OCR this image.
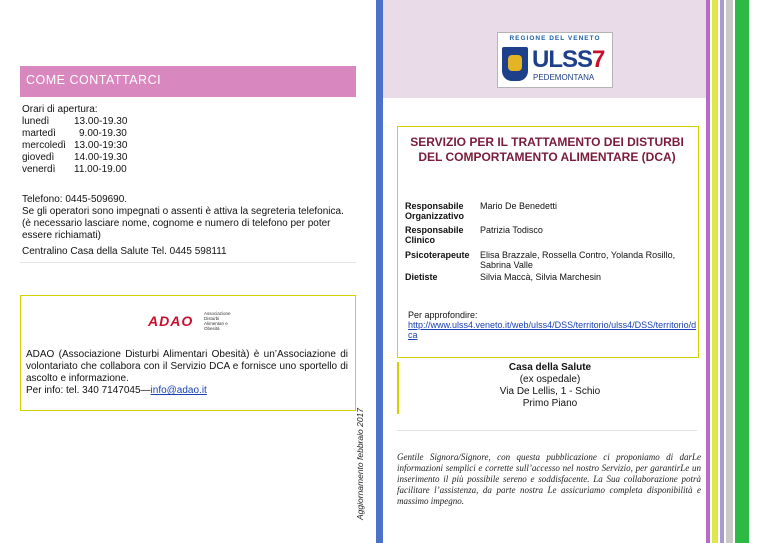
COME CONTATTARCI
Orari di apertura:
lunedì	13.00-19.30
martedì	9.00-19.30
mercoledì 13.00-19:30
giovedì	14.00-19.30
venerdì	11.00-19.00
Telefono: 0445-509690.
Se gli operatori sono impegnati o assenti è attiva la segreteria telefonica. (è necessario lasciare nome, cognome e numero di telefono per poter essere richiamati)
Centralino Casa della Salute Tel. 0445 598111
ADAO Associazione
Disturbi
Alimentari e
Obesità
ADAO (Associazione Disturbi Alimentari Obesità) è un’Associazione di volontariato che collabora con il Servizio DCA e fornisce uno sportello di ascolto e informazione.
Per info: tel. 340 7147045—info@adao.it
Aggiornamento febbraio 2017
REGIONE DEL VENETO
ULSS7
PEDEMONTANA
SERVIZIO PER IL TRATTAMENTO DEI DISTURBI DEL COMPORTAMENTO ALIMENTARE (DCA)
Responsabile Organizzativo
Mario De Benedetti
Responsabile Clinico
Patrizia Todisco
Psicoterapeute	Elisa Brazzale, Rossella Contro, Yolanda Rosillo, Sabrina Valle
Dietiste	Silvia Maccà, Silvia Marchesin
Per approfondire:
http://www.ulss4.veneto.it/web/ulss4/DSS/territorio/ulss4/DSS/territorio/dca
Casa della Salute
(ex ospedale)
Via De Lellis, 1 - Schio
Primo Piano
Gentile Signora/Signore, con questa pubblicazione ci proponiamo di darLe informazioni semplici e corrette sull’accesso nel nostro Servizio, per garantirLe un inserimento il più possibile sereno e soddisfacente. La Sua collaborazione potrà facilitare l’assistenza, da parte nostra Le assicuriamo completa disponibilità e massimo impegno.
